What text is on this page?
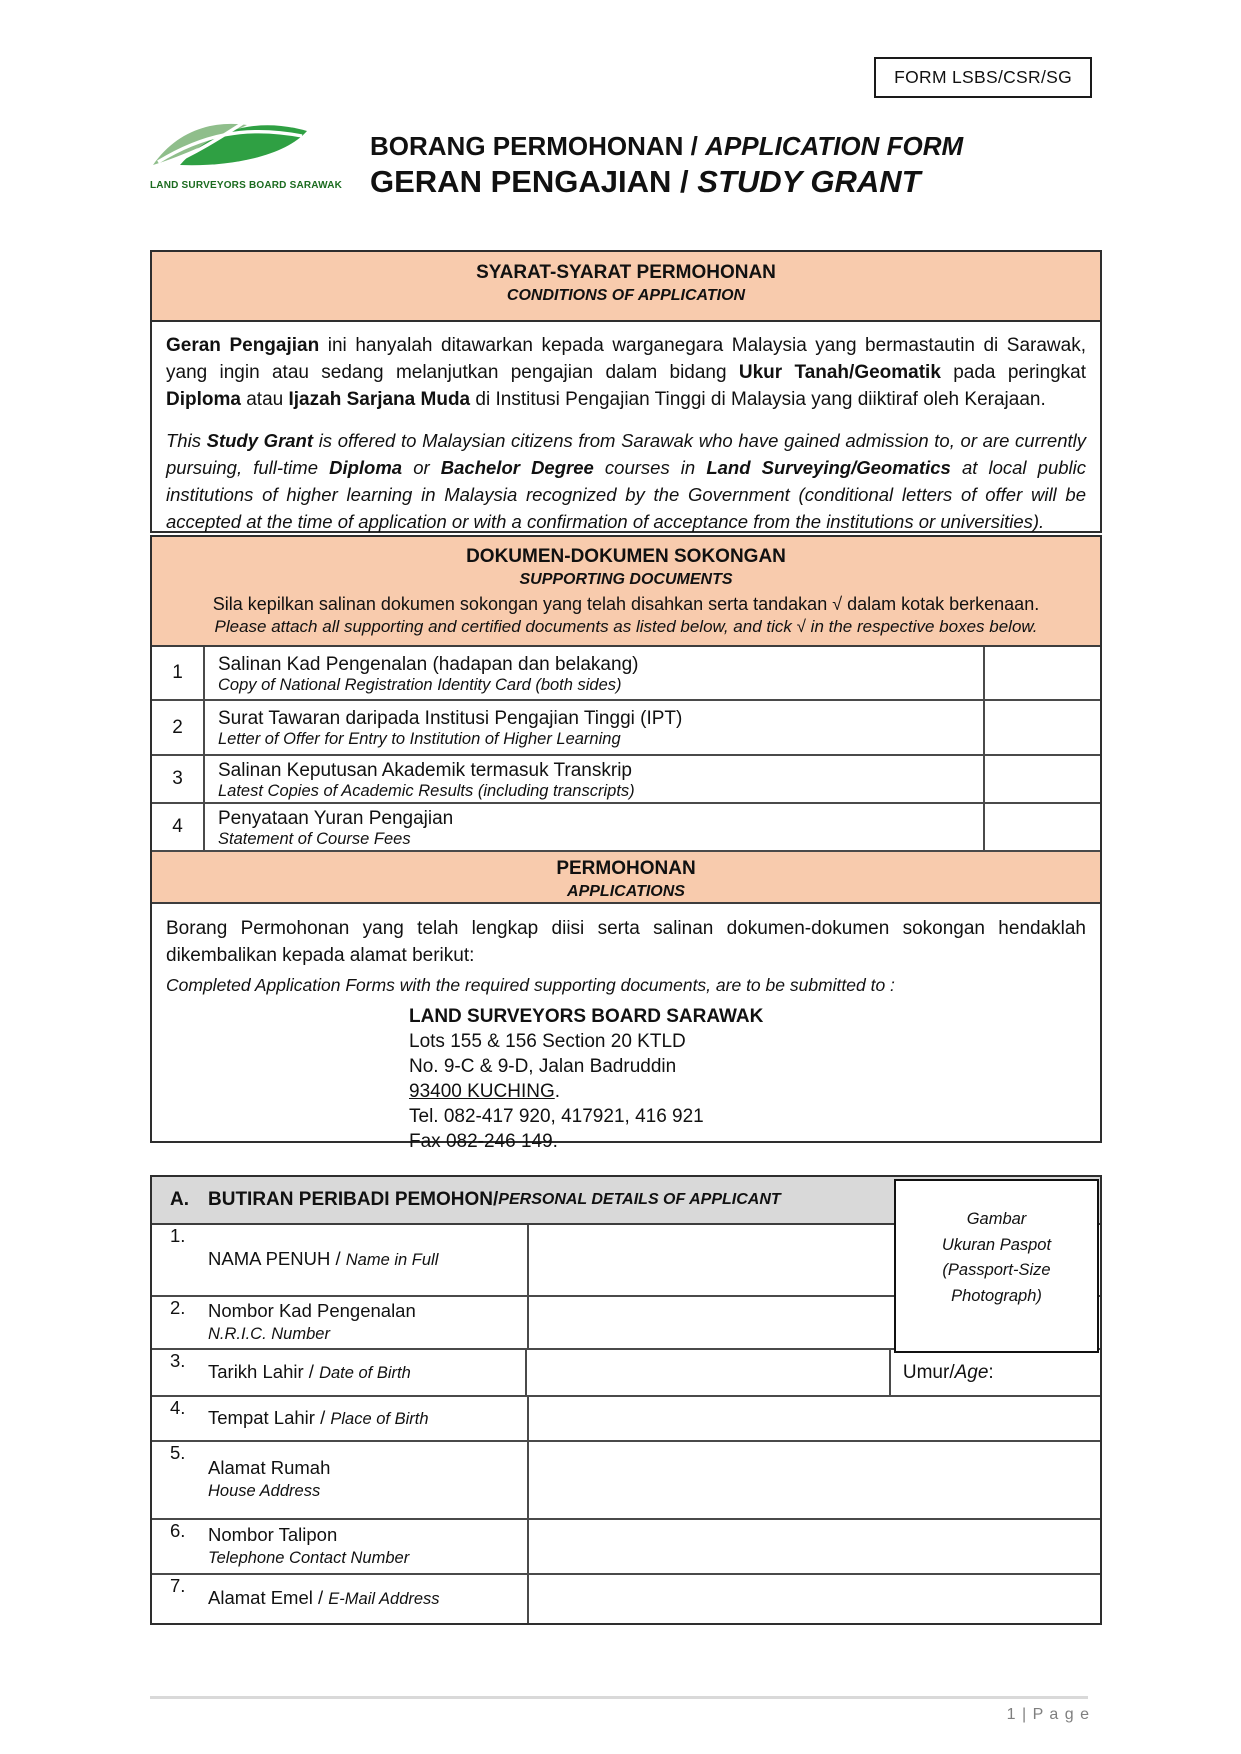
FORM LSBS/CSR/SG
LAND SURVEYORS BOARD SARAWAK
BORANG PERMOHONAN / APPLICATION FORM
GERAN PENGAJIAN / STUDY GRANT
SYARAT-SYARAT PERMOHONAN
CONDITIONS OF APPLICATION

Geran Pengajian ini hanyalah ditawarkan kepada warganegara Malaysia yang bermastautin di Sarawak, yang ingin atau sedang melanjutkan pengajian dalam bidang Ukur Tanah/Geomatik pada peringkat Diploma atau Ijazah Sarjana Muda di Institusi Pengajian Tinggi di Malaysia yang diiktiraf oleh Kerajaan.

This Study Grant is offered to Malaysian citizens from Sarawak who have gained admission to, or are currently pursuing, full-time Diploma or Bachelor Degree courses in Land Surveying/Geomatics at local public institutions of higher learning in Malaysia recognized by the Government (conditional letters of offer will be accepted at the time of application or with a confirmation of acceptance from the institutions or universities).

DOKUMEN-DOKUMEN SOKONGAN
SUPPORTING DOCUMENTS
Sila kepilkan salinan dokumen sokongan yang telah disahkan serta tandakan √ dalam kotak berkenaan.
Please attach all supporting and certified documents as listed below, and tick √ in the respective boxes below.
1	Salinan Kad Pengenalan (hadapan dan belakang)
Copy of National Registration Identity Card (both sides)
2	Surat Tawaran daripada Institusi Pengajian Tinggi (IPT)
Letter of Offer for Entry to Institution of Higher Learning
3	Salinan Keputusan Akademik termasuk Transkrip
Latest Copies of Academic Results (including transcripts)
4	Penyataan Yuran Pengajian
Statement of Course Fees
PERMOHONAN
APPLICATIONS

Borang Permohonan yang telah lengkap diisi serta salinan dokumen-dokumen sokongan hendaklah dikembalikan kepada alamat berikut:

Completed Application Forms with the required supporting documents, are to be submitted to :

LAND SURVEYORS BOARD SARAWAK
Lots 155 & 156 Section 20 KTLD
No. 9-C & 9-D, Jalan Badruddin
93400 KUCHING.
Tel. 082-417 920, 417921, 416 921
Fax 082-246 149.
A.	BUTIRAN PERIBADI PEMOHON / PERSONAL DETAILS OF APPLICANT
Gambar
Ukuran Paspot
(Passport-Size
Photograph)
1.
NAMA PENUH / Name in Full
2.	Nombor Kad Pengenalan
N.R.I.C. Number
3.
Tarikh Lahir / Date of Birth	Umur / Age :
4.	Tempat Lahir / Place of Birth
5.
Alamat Rumah
House Address
6.	Nombor Talipon
Telephone Contact Number
7.
Alamat Emel / E-Mail Address
1 | P a g e
